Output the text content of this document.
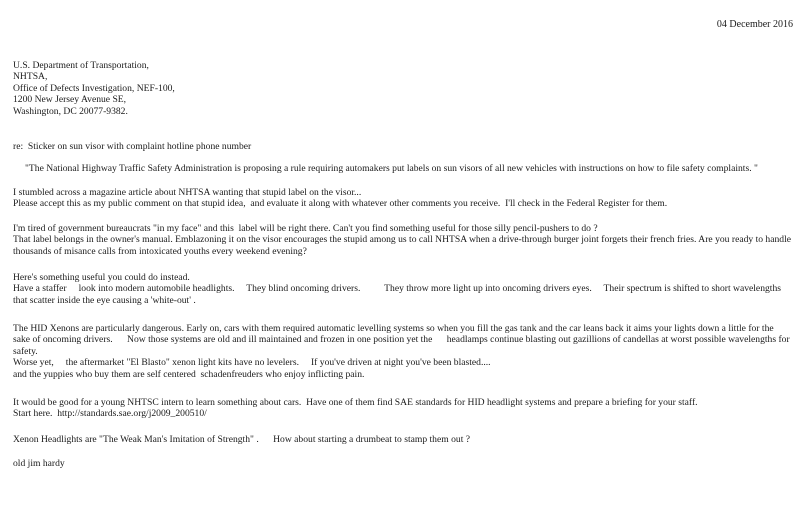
04 December 2016
U.S. Department of Transportation,
NHTSA,
Office of Defects Investigation, NEF-100,
1200 New Jersey Avenue SE,
Washington, DC 20077-9382.
re:  Sticker on sun visor with complaint hotline phone number
"The National Highway Traffic Safety Administration is proposing a rule requiring automakers put labels on sun visors of all new vehicles with instructions on how to file safety complaints. "
I stumbled across a magazine article about NHTSA wanting that stupid label on the visor...
Please accept this as my public comment on that stupid idea,  and evaluate it along with whatever other comments you receive.  I'll check in the Federal Register for them.
I'm tired of government bureaucrats "in my face" and this  label will be right there. Can't you find something useful for those silly pencil-pushers to do ?
That label belongs in the owner's manual. Emblazoning it on the visor encourages the stupid among us to call NHTSA when a drive-through burger joint forgets their french fries. Are you ready to handle thousands of misance calls from intoxicated youths every weekend evening?
Here's something useful you could do instead.
Have a staffer     look into modern automobile headlights.     They blind oncoming drivers.          They throw more light up into oncoming drivers eyes.     Their spectrum is shifted to short wavelengths that scatter inside the eye causing a 'white-out' .
The HID Xenons are particularly dangerous. Early on, cars with them required automatic levelling systems so when you fill the gas tank and the car leans back it aims your lights down a little for the sake of oncoming drivers.      Now those systems are old and ill maintained and frozen in one position yet the      headlamps continue blasting out gazillions of candellas at worst possible wavelengths for safety.
Worse yet,     the aftermarket "El Blasto" xenon light kits have no levelers.     If you've driven at night you've been blasted....
and the yuppies who buy them are self centered  schadenfreuders who enjoy inflicting pain.
It would be good for a young NHTSC intern to learn something about cars.  Have one of them find SAE standards for HID headlight systems and prepare a briefing for your staff.
Start here.  http://standards.sae.org/j2009_200510/
Xenon Headlights are "The Weak Man's Imitation of Strength" .      How about starting a drumbeat to stamp them out ?
old jim hardy
